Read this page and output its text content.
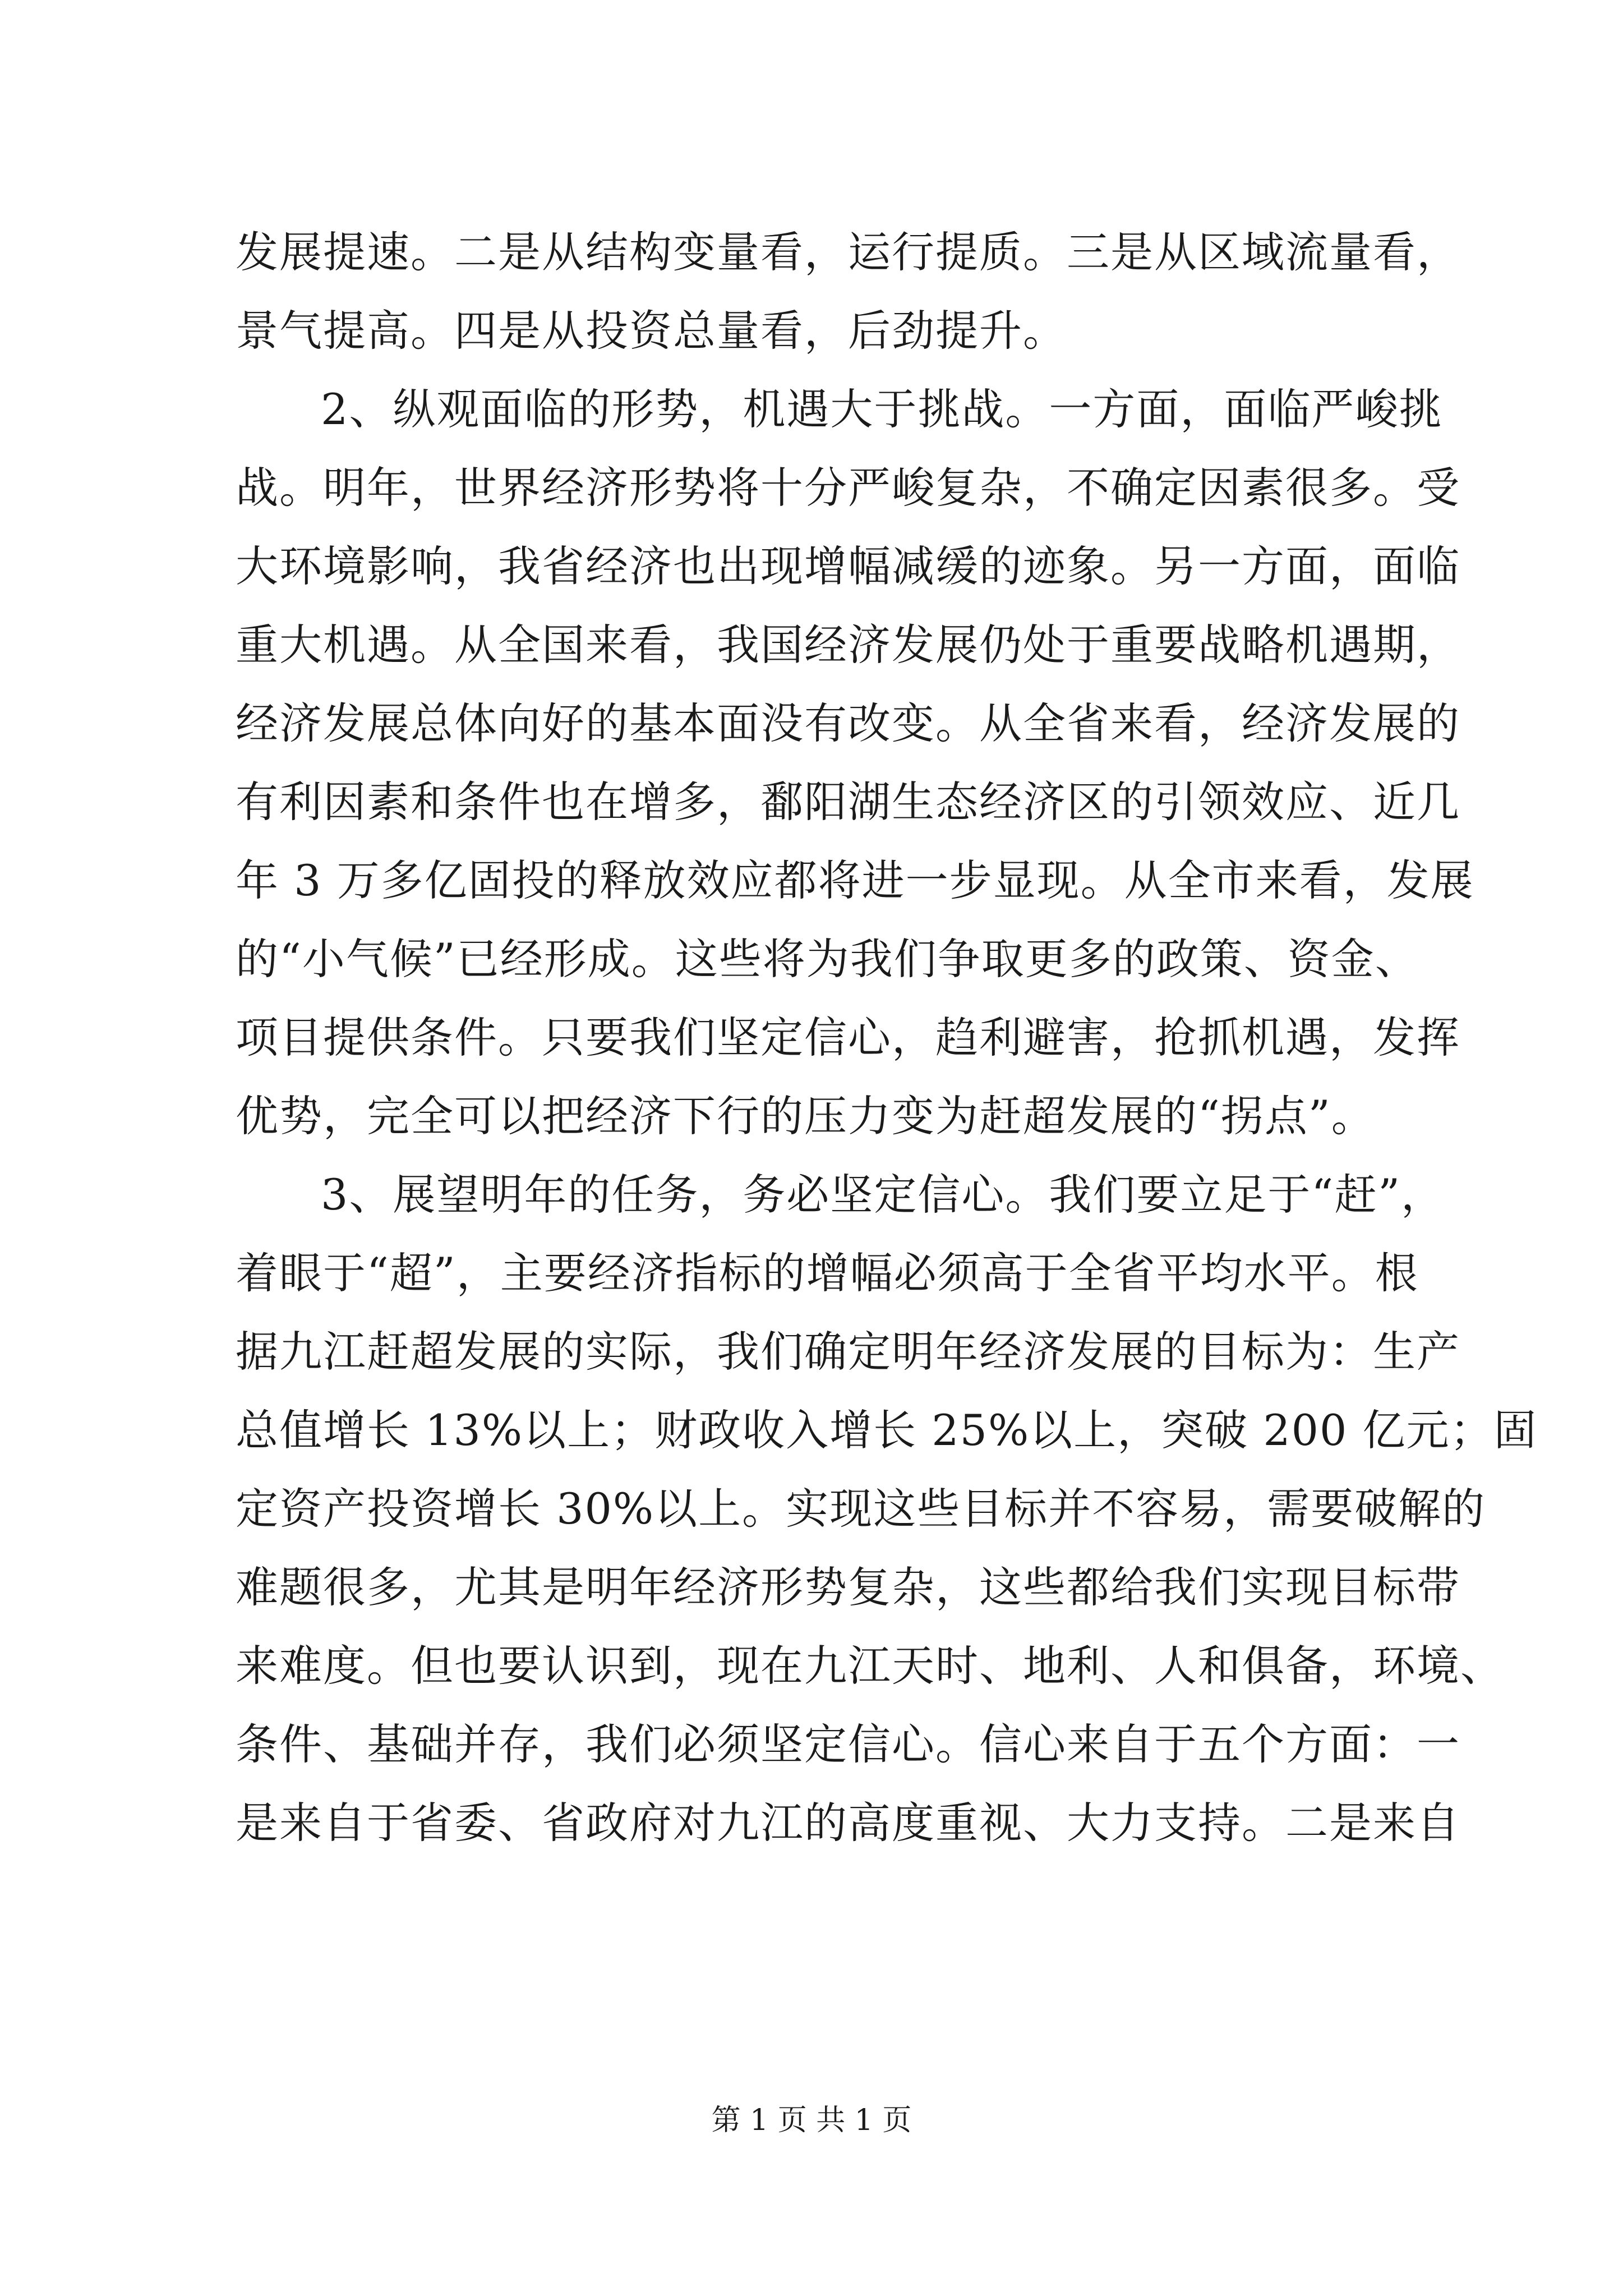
发展提速。二是从结构变量看，运行提质。三是从区域流量看，
景气提高。四是从投资总量看，后劲提升。
2、纵观面临的形势，机遇大于挑战。一方面，面临严峻挑
战。明年，世界经济形势将十分严峻复杂，不确定因素很多。受
大环境影响，我省经济也出现增幅减缓的迹象。另一方面，面临
重大机遇。从全国来看，我国经济发展仍处于重要战略机遇期，
经济发展总体向好的基本面没有改变。从全省来看，经济发展的
有利因素和条件也在增多，鄱阳湖生态经济区的引领效应、近几
年 3 万多亿固投的释放效应都将进一步显现。从全市来看，发展
的“小气候”已经形成。这些将为我们争取更多的政策、资金、
项目提供条件。只要我们坚定信心，趋利避害，抢抓机遇，发挥
优势，完全可以把经济下行的压力变为赶超发展的“拐点”。
3、展望明年的任务，务必坚定信心。我们要立足于“赶”，
着眼于“超”，主要经济指标的增幅必须高于全省平均水平。根
据九江赶超发展的实际，我们确定明年经济发展的目标为：生产
总值增长 13%以上；财政收入增长 25%以上，突破 200 亿元；固
定资产投资增长 30%以上。实现这些目标并不容易，需要破解的
难题很多，尤其是明年经济形势复杂，这些都给我们实现目标带
来难度。但也要认识到，现在九江天时、地利、人和俱备，环境、
条件、基础并存，我们必须坚定信心。信心来自于五个方面：一
是来自于省委、省政府对九江的高度重视、大力支持。二是来自
第 1 页 共 1 页
